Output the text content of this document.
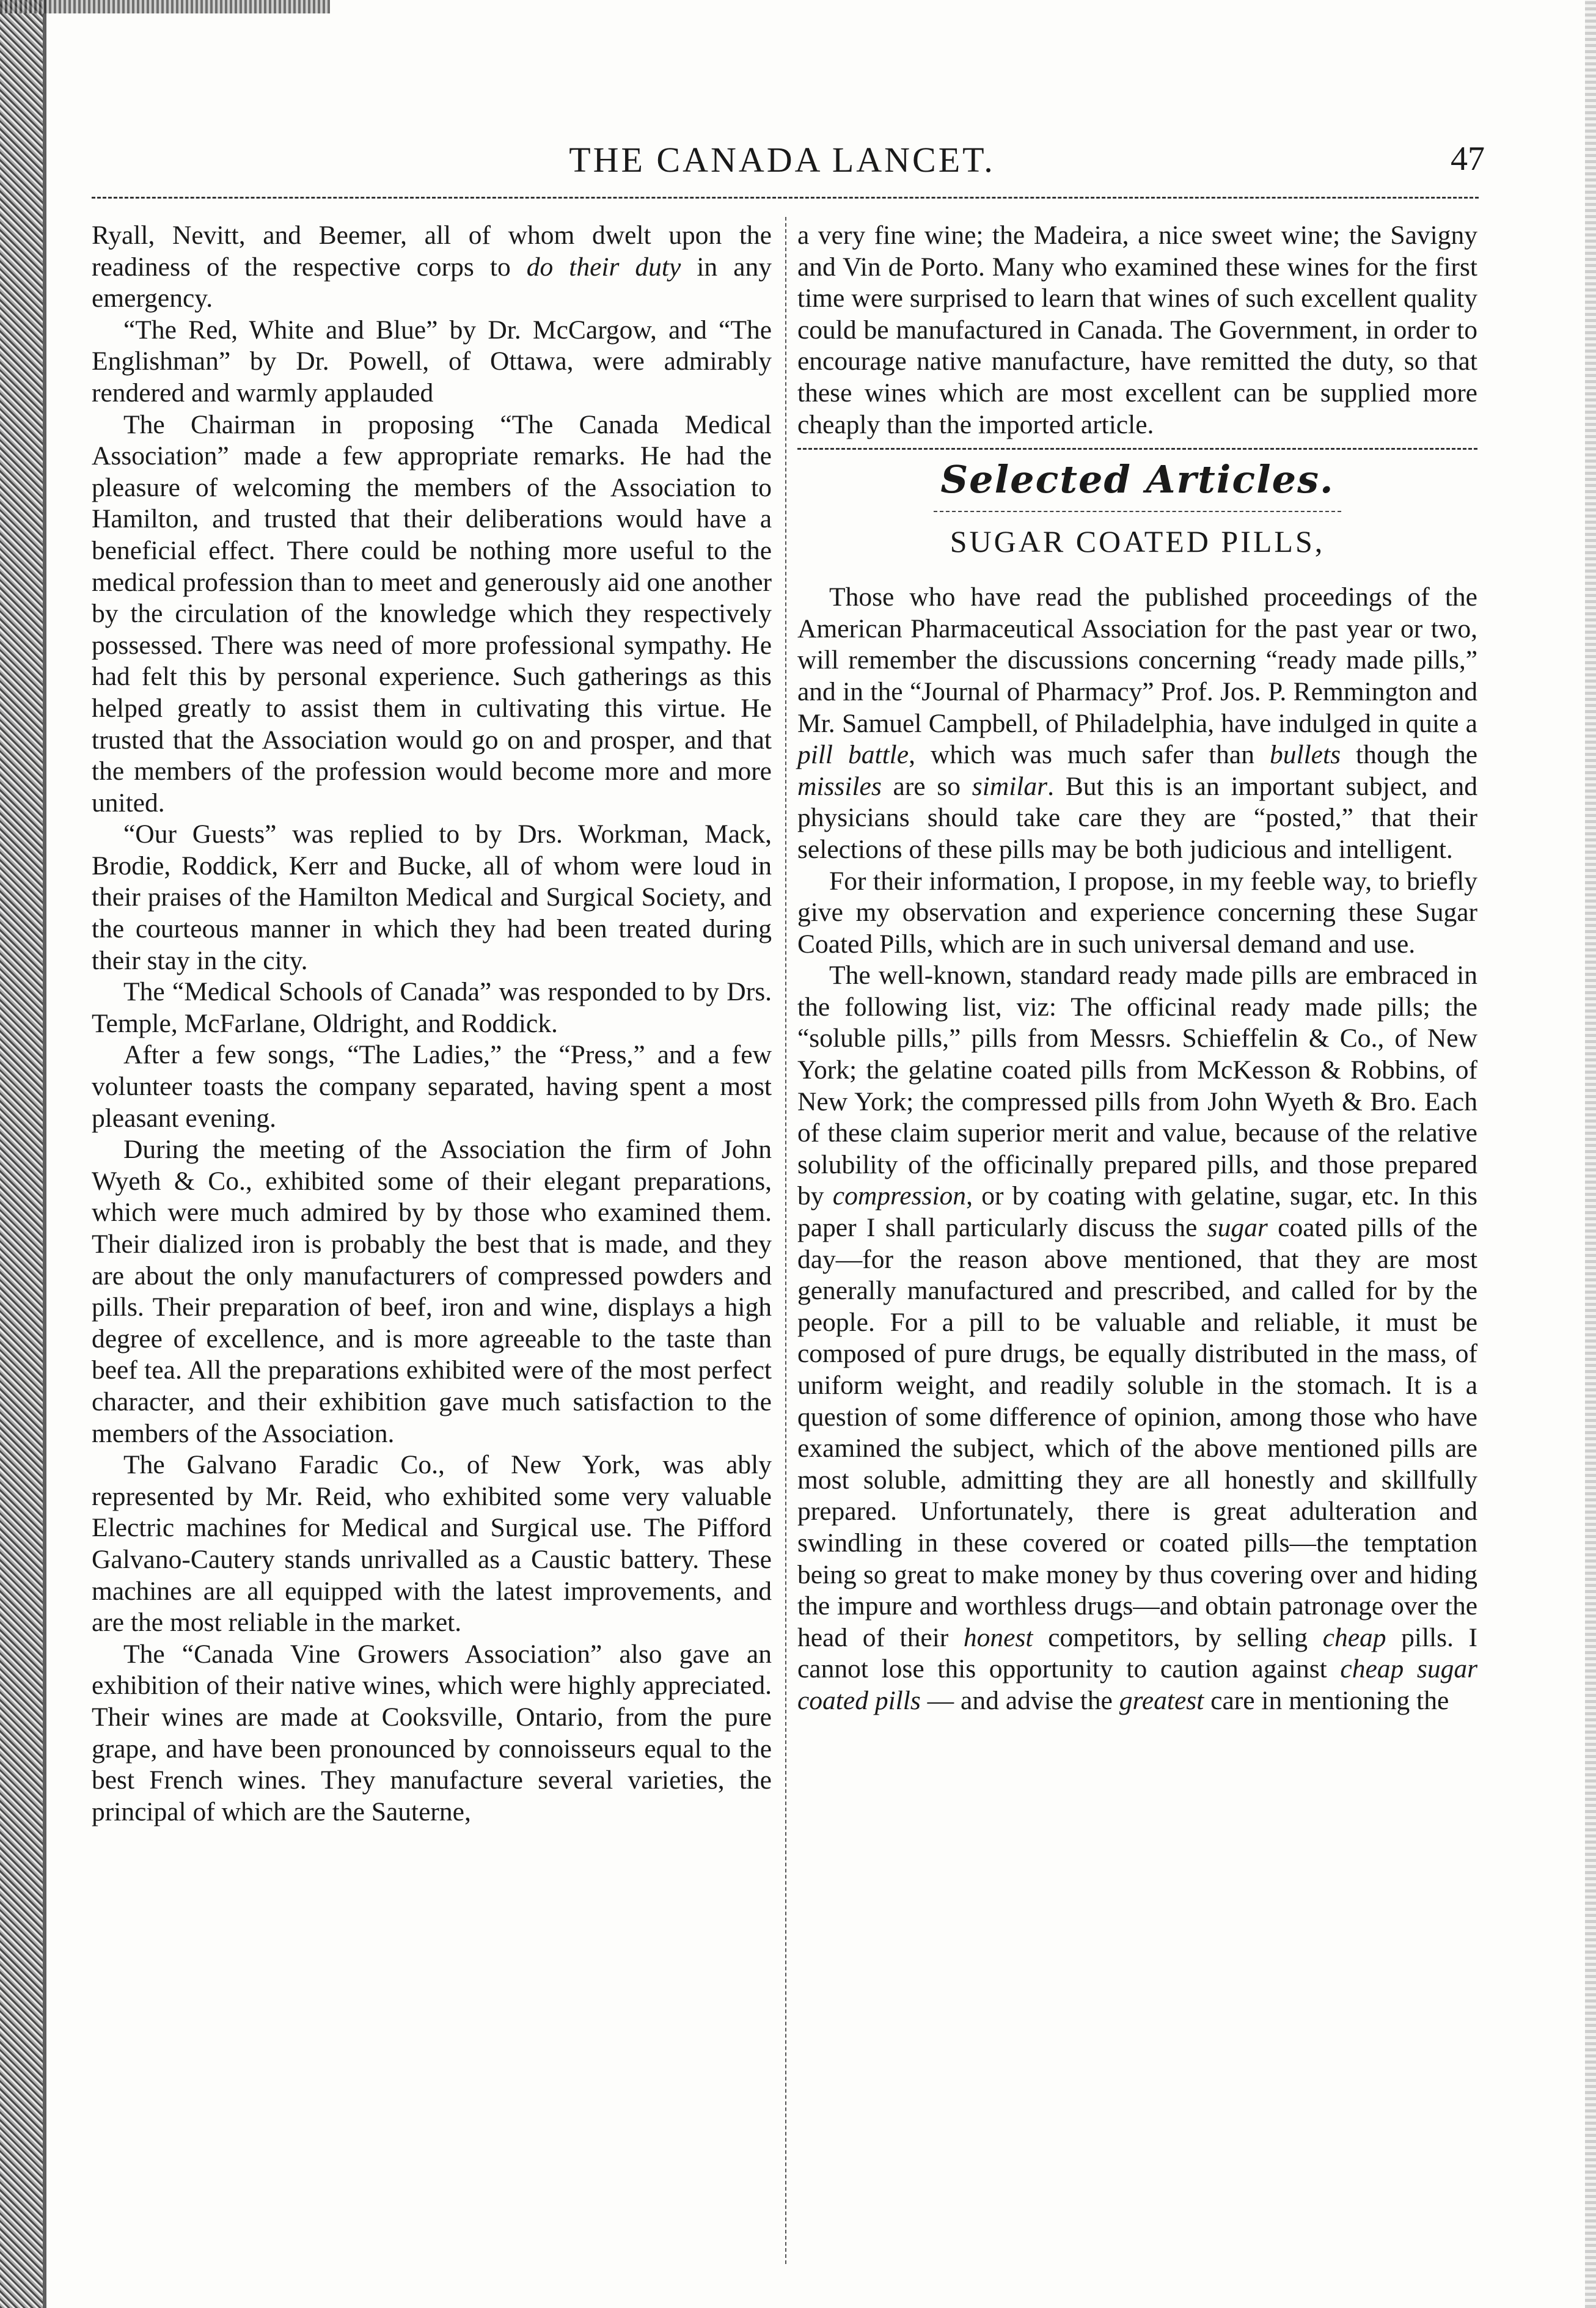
THE CANADA LANCET.	47

Ryall, Nevitt, and Beemer, all of whom dwelt upon the readiness of the respective corps to do their duty in any emergency.

“The Red, White and Blue” by Dr. McCargow, and “The Englishman” by Dr. Powell, of Ottawa, were admirably rendered and warmly applauded

The Chairman in proposing “The Canada Medical Association” made a few appropriate remarks. He had the pleasure of welcoming the members of the Association to Hamilton, and trusted that their deliberations would have a beneficial effect. There could be nothing more useful to the medical profession than to meet and generously aid one another by the circulation of the knowledge which they respectively possessed. There was need of more professional sympathy. He had felt this by personal experience. Such gatherings as this helped greatly to assist them in cultivating this virtue. He trusted that the Association would go on and prosper, and that the members of the profession would become more and more united.

“Our Guests” was replied to by Drs. Workman, Mack, Brodie, Roddick, Kerr and Bucke, all of whom were loud in their praises of the Hamilton Medical and Surgical Society, and the courteous manner in which they had been treated during their stay in the city.

The “Medical Schools of Canada” was responded to by Drs. Temple, McFarlane, Oldright, and Roddick.

After a few songs, “The Ladies,” the “Press,” and a few volunteer toasts the company separated, having spent a most pleasant evening.

During the meeting of the Association the firm of John Wyeth & Co., exhibited some of their elegant preparations, which were much admired by by those who examined them. Their dialized iron is probably the best that is made, and they are about the only manufacturers of compressed powders and pills. Their preparation of beef, iron and wine, displays a high degree of excellence, and is more agreeable to the taste than beef tea. All the preparations exhibited were of the most perfect character, and their exhibition gave much satisfaction to the members of the Association.

The Galvano Faradic Co., of New York, was ably represented by Mr. Reid, who exhibited some very valuable Electric machines for Medical and Surgical use. The Pifford Galvano-Cautery stands unrivalled as a Caustic battery. These machines are all equipped with the latest improvements, and are the most reliable in the market.

The “Canada Vine Growers Association” also gave an exhibition of their native wines, which were highly appreciated. Their wines are made at Cooksville, Ontario, from the pure grape, and have been pronounced by connoisseurs equal to the best French wines. They manufacture several varieties, the principal of which are the Sauterne,

a very fine wine; the Madeira, a nice sweet wine; the Savigny and Vin de Porto. Many who examined these wines for the first time were surprised to learn that wines of such excellent quality could be manufactured in Canada. The Government, in order to encourage native manufacture, have remitted the duty, so that these wines which are most excellent can be supplied more cheaply than the imported article.

Selected Articles.
SUGAR COATED PILLS,

Those who have read the published proceedings of the American Pharmaceutical Association for the past year or two, will remember the discussions concerning “ready made pills,” and in the “Journal of Pharmacy” Prof. Jos. P. Remmington and Mr. Samuel Campbell, of Philadelphia, have indulged in quite a pill battle, which was much safer than bullets though the missiles are so similar. But this is an important subject, and physicians should take care they are “posted,” that their selections of these pills may be both judicious and intelligent.

For their information, I propose, in my feeble way, to briefly give my observation and experience concerning these Sugar Coated Pills, which are in such universal demand and use.

The well-known, standard ready made pills are embraced in the following list, viz: The officinal ready made pills; the “soluble pills,” pills from Messrs. Schieffelin & Co., of New York; the gelatine coated pills from McKesson & Robbins, of New York; the compressed pills from John Wyeth & Bro. Each of these claim superior merit and value, because of the relative solubility of the officinally prepared pills, and those prepared by compression, or by coating with gelatine, sugar, etc. In this paper I shall particularly discuss the sugar coated pills of the day—for the reason above mentioned, that they are most generally manufactured and prescribed, and called for by the people. For a pill to be valuable and reliable, it must be composed of pure drugs, be equally distributed in the mass, of uniform weight, and readily soluble in the stomach. It is a question of some difference of opinion, among those who have examined the subject, which of the above mentioned pills are most soluble, admitting they are all honestly and skillfully prepared. Unfortunately, there is great adulteration and swindling in these covered or coated pills—the temptation being so great to make money by thus covering over and hiding the impure and worthless drugs—and obtain patronage over the head of their honest competitors, by selling cheap pills. I cannot lose this opportunity to caution against cheap sugar coated pills — and advise the greatest care in mentioning the
